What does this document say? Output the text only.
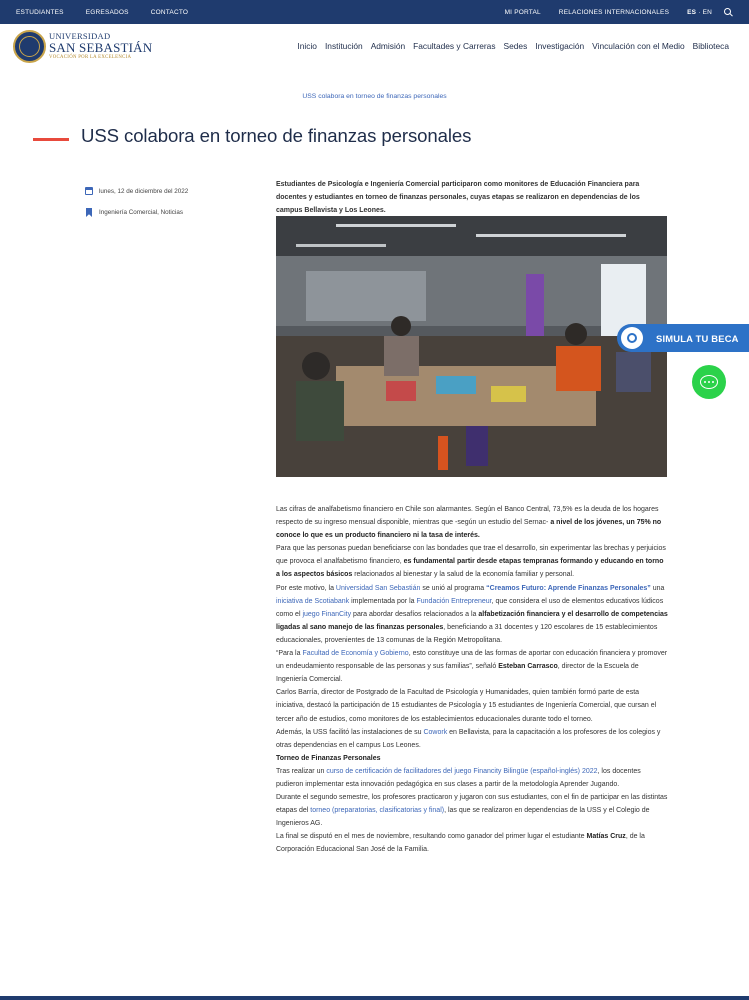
ESTUDIANTES	EGRESADOS	CONTACTO	MI PORTAL	RELACIONES INTERNACIONALES	ES · EN
UNIVERSIDAD
SAN SEBASTIÁN
VOCACIÓN POR LA EXCELENCIA
Inicio Institución Admisión Facultades y Carreras Sedes Investigación Vinculación con el Medio Biblioteca
USS colabora en torneo de finanzas personales
USS colabora en torneo de finanzas personales
lunes, 12 de diciembre del 2022
Ingeniería Comercial, Noticias
Estudiantes de Psicología e Ingeniería Comercial participaron como monitores de Educación Financiera para docentes y estudiantes en torneo de finanzas personales, cuyas etapas se realizaron en dependencias de los campus Bellavista y Los Leones.

Las cifras de analfabetismo financiero en Chile son alarmantes. Según el Banco Central, 73,5% es la deuda de los hogares respecto de su ingreso mensual disponible, mientras que -según un estudio del Sernac- a nivel de los jóvenes, un 75% no conoce lo que es un producto financiero ni la tasa de interés.

Para que las personas puedan beneficiarse con las bondades que trae el desarrollo, sin experimentar las brechas y perjuicios que provoca el analfabetismo financiero, es fundamental partir desde etapas tempranas formando y educando en torno a los aspectos básicos relacionados al bienestar y la salud de la economía familiar y personal.

Por este motivo, la Universidad San Sebastián se unió al programa “Creamos Futuro: Aprende Finanzas Personales” una iniciativa de Scotiabank implementada por la Fundación Entrepreneur, que considera el uso de elementos educativos lúdicos como el juego FinanCity para abordar desafíos relacionados a la alfabetización financiera y el desarrollo de competencias ligadas al sano manejo de las finanzas personales, beneficiando a 31 docentes y 120 escolares de 15 establecimientos educacionales, provenientes de 13 comunas de la Región Metropolitana.

“Para la Facultad de Economía y Gobierno, esto constituye una de las formas de aportar con educación financiera y promover un endeudamiento responsable de las personas y sus familias”, señaló Esteban Carrasco, director de la Escuela de Ingeniería Comercial.

Carlos Barría, director de Postgrado de la Facultad de Psicología y Humanidades, quien también formó parte de esta iniciativa, destacó la participación de 15 estudiantes de Psicología y 15 estudiantes de Ingeniería Comercial, que cursan el tercer año de estudios, como monitores de los establecimientos educacionales durante todo el torneo.

Además, la USS facilitó las instalaciones de su Cowork en Bellavista, para la capacitación a los profesores de los colegios y otras dependencias en el campus Los Leones.

Torneo de Finanzas Personales

Tras realizar un curso de certificación de facilitadores del juego Financity Bilingüe (español-inglés) 2022, los docentes pudieron implementar esta innovación pedagógica en sus clases a partir de la metodología Aprender Jugando.

Durante el segundo semestre, los profesores practicaron y jugaron con sus estudiantes, con el fin de participar en las distintas etapas del torneo (preparatorias, clasificatorias y final), las que se realizaron en dependencias de la USS y el Colegio de Ingenieros AG.

La final se disputó en el mes de noviembre, resultando como ganador del primer lugar el estudiante Matías Cruz, de la Corporación Educacional San José de la Familia.

SIMULA TU BECA
